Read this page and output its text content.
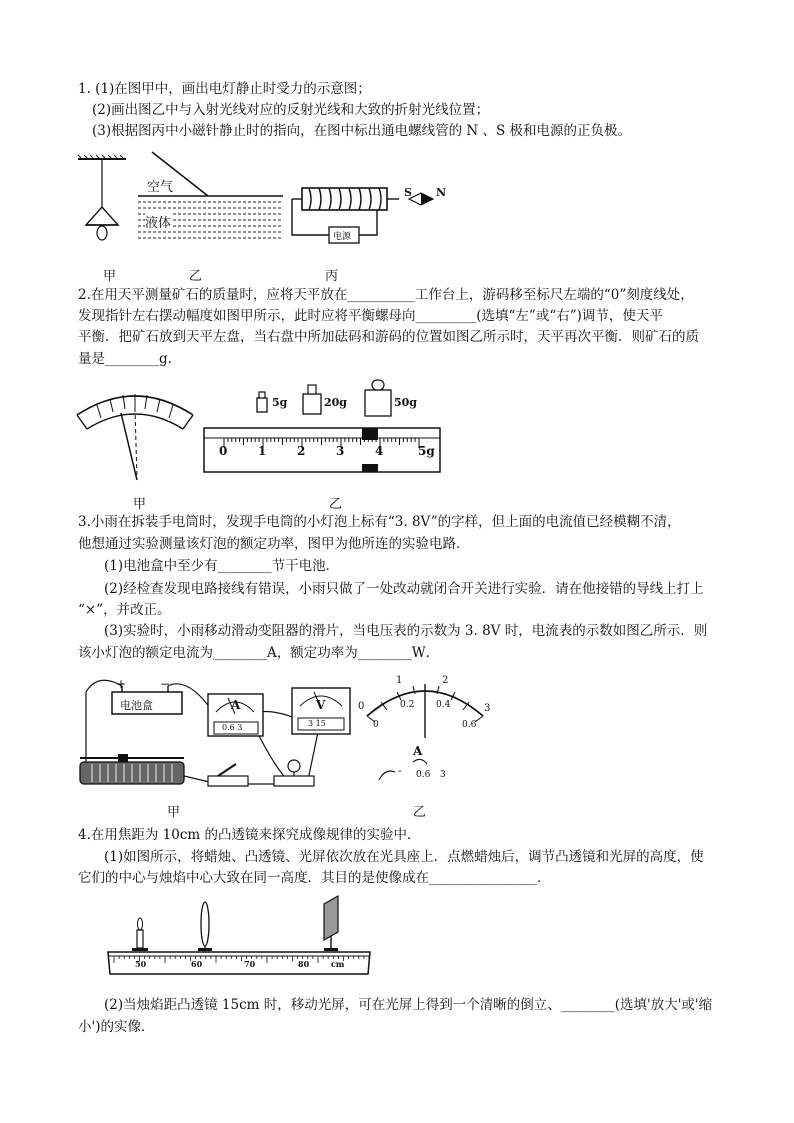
1. (1)在图甲中，画出电灯静止时受力的示意图；
(2)画出图乙中与入射光线对应的反射光线和大致的折射光线位置；
(3)根据图丙中小磁针静止时的指向，在图中标出通电螺线管的 N 、S 极和电源的正负极。
空气
液体
电源
S N
甲	乙	丙
2.在用天平测量矿石的质量时，应将天平放在__________工作台上，游码移至标尺左端的“0”刻度线处，
发现指针左右摆动幅度如图甲所示，此时应将平衡螺母向_________(选填“左”或“右”)调节，使天平
平衡．把矿石放到天平左盘，当右盘中所加砝码和游码的位置如图乙所示时，天平再次平衡．则矿石的质
量是________g．
5g	20g	50g
0	1	2	3	4	5g
甲	乙
3.小雨在拆装手电筒时，发现手电筒的小灯泡上标有“3. 8V”的字样，但上面的电流值已经模糊不清，
他想通过实验测量该灯泡的额定功率，图甲为他所连的实验电路．
(1)电池盒中至少有________节干电池．
(2)经检查发现电路接线有错误，小雨只做了一处改动就闭合开关进行实验．请在他接错的导线上打上
“×”，并改正。
(3)实验时，小雨移动滑动变阻器的滑片，当电压表的示数为 3. 8V 时，电流表的示数如图乙所示．则
该小灯泡的额定电流为________A，额定功率为________W．
电池盒
+	−
A	V
0.6 3	3 15
0
1	2
3
0
0.2 0.4
0.6
A
- 0.6 3
甲	乙
4.在用焦距为 10cm 的凸透镜来探究成像规律的实验中．
(1)如图所示，将蜡烛、凸透镜、光屏依次放在光具座上．点燃蜡烛后，调节凸透镜和光屏的高度，使
它们的中心与烛焰中心大致在同一高度．其目的是使像成在________________．
50	60	70	80	cm
(2)当烛焰距凸透镜 15cm 时，移动光屏，可在光屏上得到一个清晰的倒立、________(选填'放大'或'缩
小')的实像．
